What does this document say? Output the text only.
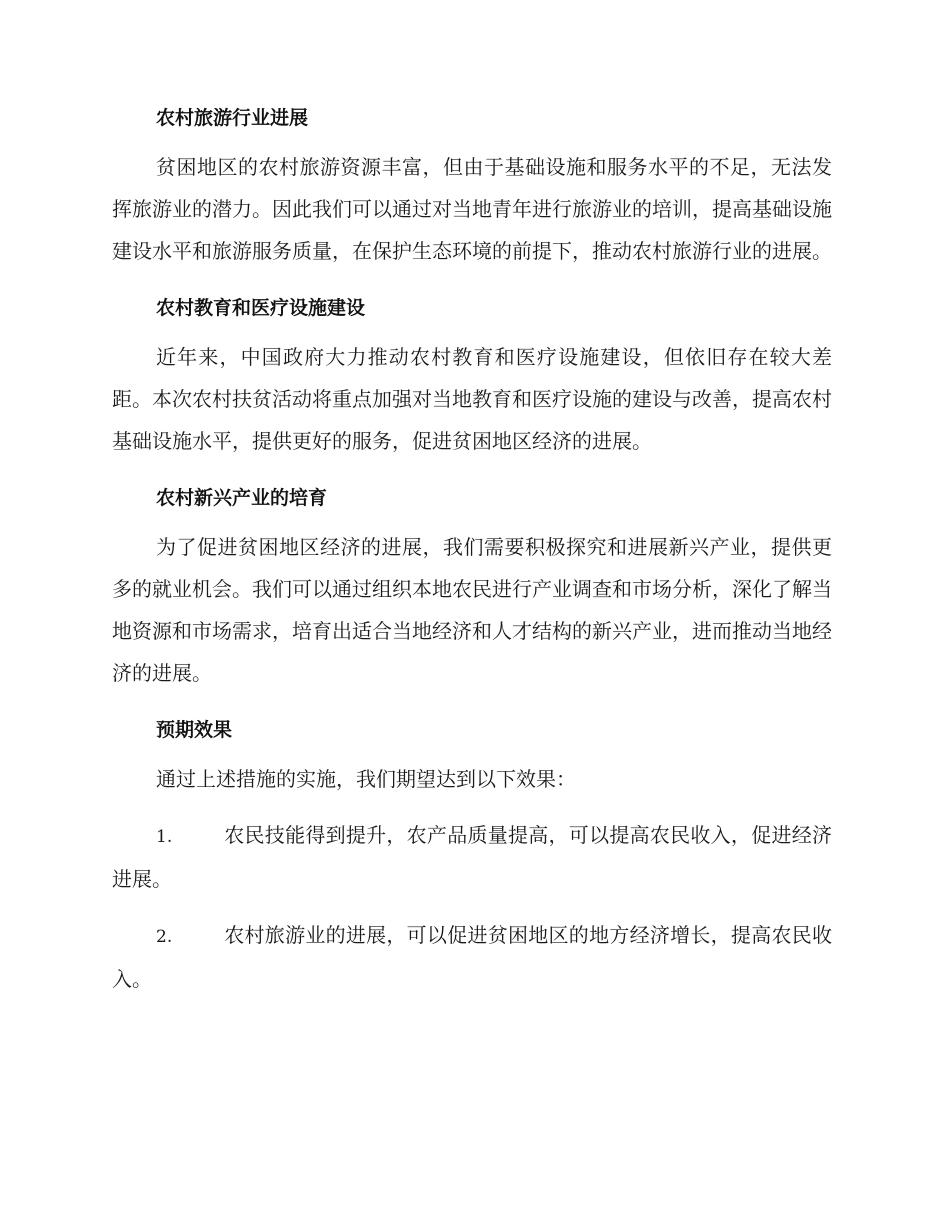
农村旅游行业进展

贫困地区的农村旅游资源丰富，但由于基础设施和服务水平的不足，无法发挥旅游业的潜力。因此我们可以通过对当地青年进行旅游业的培训，提高基础设施建设水平和旅游服务质量，在保护生态环境的前提下，推动农村旅游行业的进展。

农村教育和医疗设施建设

近年来，中国政府大力推动农村教育和医疗设施建设，但依旧存在较大差距。本次农村扶贫活动将重点加强对当地教育和医疗设施的建设与改善，提高农村基础设施水平，提供更好的服务，促进贫困地区经济的进展。

农村新兴产业的培育

为了促进贫困地区经济的进展，我们需要积极探究和进展新兴产业，提供更多的就业机会。我们可以通过组织本地农民进行产业调查和市场分析，深化了解当地资源和市场需求，培育出适合当地经济和人才结构的新兴产业，进而推动当地经济的进展。

预期效果

通过上述措施的实施，我们期望达到以下效果：

1.	农民技能得到提升，农产品质量提高，可以提高农民收入，促进经济进展。

2.	农村旅游业的进展，可以促进贫困地区的地方经济增长，提高农民收入。
